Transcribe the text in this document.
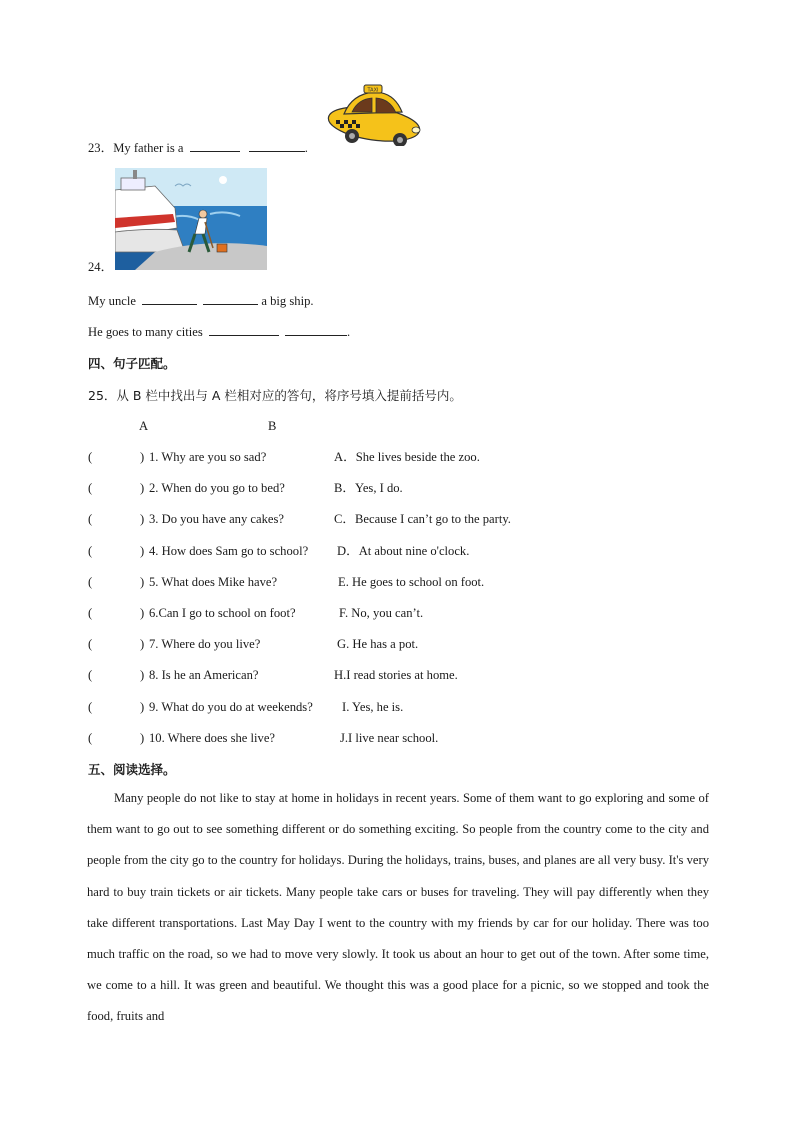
TAXI
23．My father is a	.
24．
My uncle	a big ship.
He goes to many cities	.
四、句子匹配。
25．从 B 栏中找出与 A 栏相对应的答句，将序号填入提前括号内。
A	B
(	) 1. Why are you so sad?	A．She lives beside the zoo.
(	) 2. When do you go to bed?	B．Yes, I do.
(	) 3. Do you have any cakes?	C．Because I can’t go to the party.
(	) 4. How does Sam go to school? D．At about nine o'clock.
(	) 5. What does Mike have?	E. He goes to school on foot.
(	) 6.Can I go to school on foot?	F. No, you can’t.
(	) 7. Where do you live?	G. He has a pot.
(	) 8. Is he an American?	H.I read stories at home.
(	) 9. What do you do at weekends? I. Yes, he is.
(	) 10. Where does she live?	J.I live near school.
五、阅读选择。
Many people do not like to stay at home in holidays in recent years. Some of them want to go exploring and some of them want to go out to see something different or do something exciting. So people from the country come to the city and people from the city go to the country for holidays. During the holidays, trains, buses, and planes are all very busy. It's very hard to buy train tickets or air tickets. Many people take cars or buses for traveling. They will pay differently when they take different transportations. Last May Day I went to the country with my friends by car for our holiday. There was too much traffic on the road, so we had to move very slowly. It took us about an hour to get out of the town. After some time, we come to a hill. It was green and beautiful. We thought this was a good place for a picnic, so we stopped and took the food, fruits and
